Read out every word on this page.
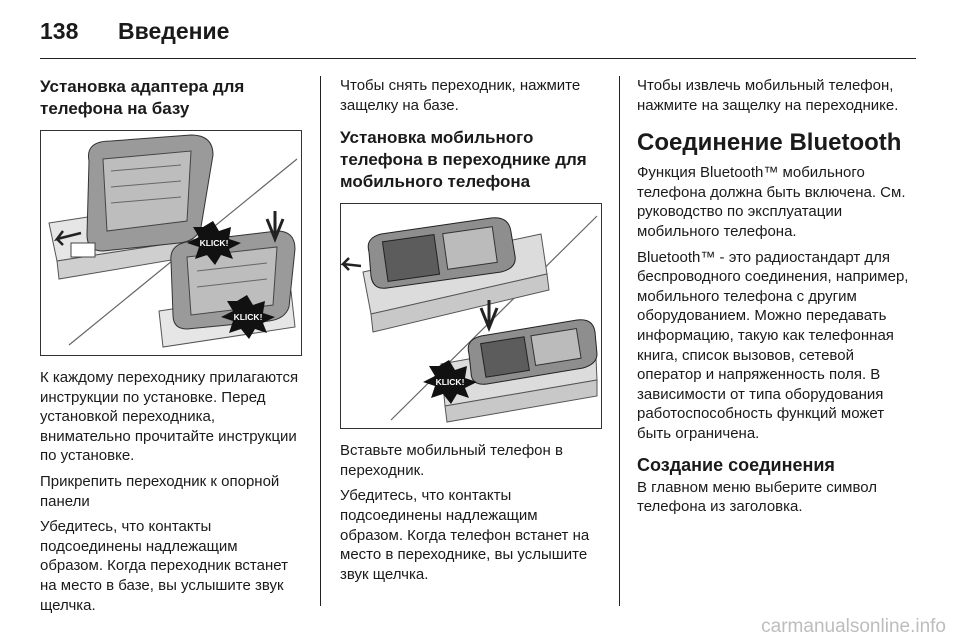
138	Введение
Установка адаптера для телефона на базу
KLICK!
KLICK!

К каждому переходнику прилагаются инструкции по установке. Перед установкой переходника, внимательно прочитайте инструкции по установке.

Прикрепить переходник к опорной панели

Убедитесь, что контакты подсоединены надлежащим образом. Когда переходник встанет на место в базе, вы услышите звук щелчка.

Чтобы снять переходник, нажмите защелку на базе.

Установка мобильного телефона в переходнике для мобильного телефона
KLICK!

Вставьте мобильный телефон в переходник.

Убедитесь, что контакты подсоединены надлежащим образом. Когда телефон встанет на место в переходнике, вы услышите звук щелчка.

Чтобы извлечь мобильный телефон, нажмите на защелку на переходнике.

Соединение Bluetooth

Функция Bluetooth™ мобильного телефона должна быть включена. См. руководство по эксплуатации мобильного телефона.

Bluetooth™ - это радиостандарт для беспроводного соединения, например, мобильного телефона с другим оборудованием. Можно передавать информацию, такую как телефонная книга, список вызовов, сетевой оператор и напряженность поля. В зависимости от типа оборудования работоспособность функций может быть ограничена.

Создание соединения

В главном меню выберите символ телефона из заголовка.

carmanualsonline.info
